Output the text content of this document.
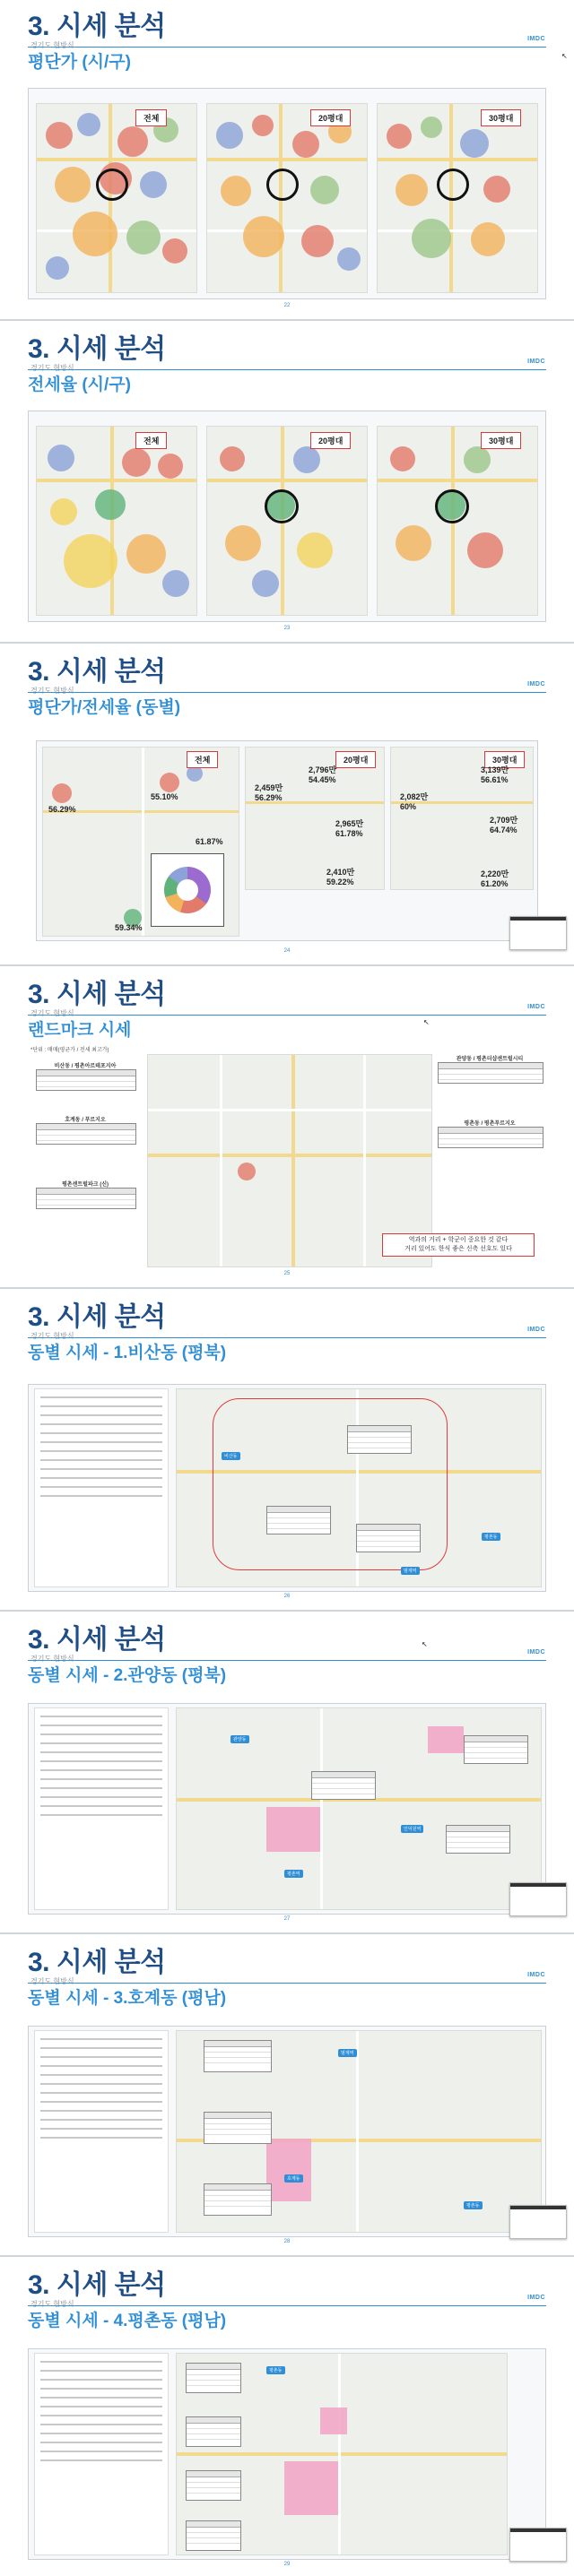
3. 시세 분석
경기도 현방식
IMDC
평단가 (시/구)
전체	20평대	30평대
22
↖
3. 시세 분석
경기도 현방식
IMDC
전세율 (시/구)
전체	20평대	30평대
23
3. 시세 분석
경기도 현방식
IMDC
평단가/전세율 (동별)
전체
56.29%
55.10%
61.87%
59.34%
20평대
2,796만
54.45%
2,459만
56.29%
2,965만
61.78%
2,410만
59.22%
30평대
3,139만
56.61%
2,082만
60%
2,709만
64.74%
2,220만
61.20%
24
3. 시세 분석
경기도 현방식
IMDC
랜드마크 시세
*단위 : 매매(평균가 / 전세 최고가)
비산동 / 평촌아르테포지아
호계동 / 푸르지오
평촌센트럴파크 (신)
관양동 / 평촌더샵센트럴시티
평촌동 / 평촌푸르지오
역과의 거리 + 학군이 중요한 것 같다
거리 있어도 한식 좋은 신축 선호도 있다
25
↖
3. 시세 분석
경기도 현방식
IMDC
동별 시세 - 1.비산동 (평북)
비산동
평촌동
범계역
26
3. 시세 분석
경기도 현방식
IMDC
동별 시세 - 2.관양동 (평북)
평촌역
인덕원역
관양동
27
↖
3. 시세 분석
경기도 현방식
IMDC
동별 시세 - 3.호계동 (평남)
범계역
호계동
평촌동
28
3. 시세 분석
경기도 현방식
IMDC
동별 시세 - 4.평촌동 (평남)
평촌동
29
